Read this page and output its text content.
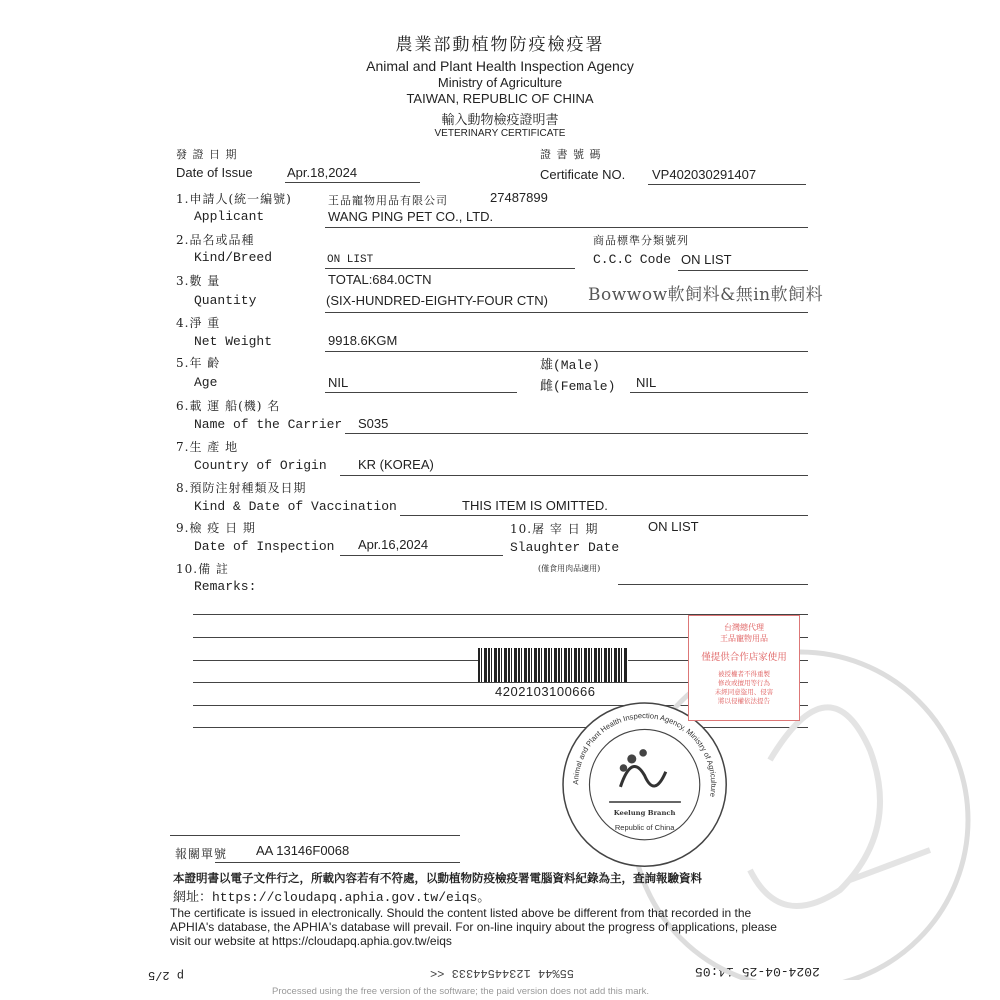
農業部動植物防疫檢疫署
Animal and Plant Health Inspection Agency
Ministry of Agriculture
TAIWAN, REPUBLIC OF CHINA
輸入動物檢疫證明書
VETERINARY CERTIFICATE
發 證 日 期
Date of Issue	Apr.18,2024
證 書 號 碼
Certificate NO. VP402030291407
1.申請人(統一編號)	王品寵物用品有限公司	27487899
Applicant	WANG PING PET CO., LTD.
2.品名或品種
Kind/Breed	ON LIST
商品標準分類號列
C.C.C Code ON LIST
3.數 量	TOTAL:684.0CTN
Quantity	(SIX-HUNDRED-EIGHTY-FOUR CTN) Bowwow軟飼料&無in軟飼料
4.淨 重
Net Weight	9918.6KGM
5.年 齡
Age	NIL
雄(Male)
雌(Female) NIL
6.載 運 船(機) 名
Name of the Carrier S035
7.生 產 地
Country of Origin KR (KOREA)
8.預防注射種類及日期
Kind & Date of Vaccination	THIS ITEM IS OMITTED.
9.檢 疫 日 期
Date of Inspection Apr.16,2024
10.屠 宰 日 期
Slaughter Date
ON LIST
(僅食用肉品適用)
10.備 註
Remarks:
4202103100666
Animal and Plant Health Inspection Agency, Ministry of Agriculture
Keelung Branch
Republic of China
台灣總代理
王品寵物用品
僅提供合作店家使用
被授權者不得重製
修改或擅用等行為
未經同意盜用、侵害
將以侵權依法提告
報關單號 AA 13146F0068
本證明書以電子文件行之，所載內容若有不符處，以動植物防疫檢疫署電腦資料紀錄為主，查詢報驗資料
網址：https://cloudapq.aphia.gov.tw/eiqs。
The certificate is issued in electronically. Should the content listed above be different from that recorded in the
APHIA's database, the APHIA's database will prevail. For on-line inquiry about the progress of applications, please
visit our website at https://cloudapq.aphia.gov.tw/eiqs
p 2/5	55%44 12344544333 <<	2024-04-25 14:05
Processed using the free version of the software; the paid version does not add this mark.
